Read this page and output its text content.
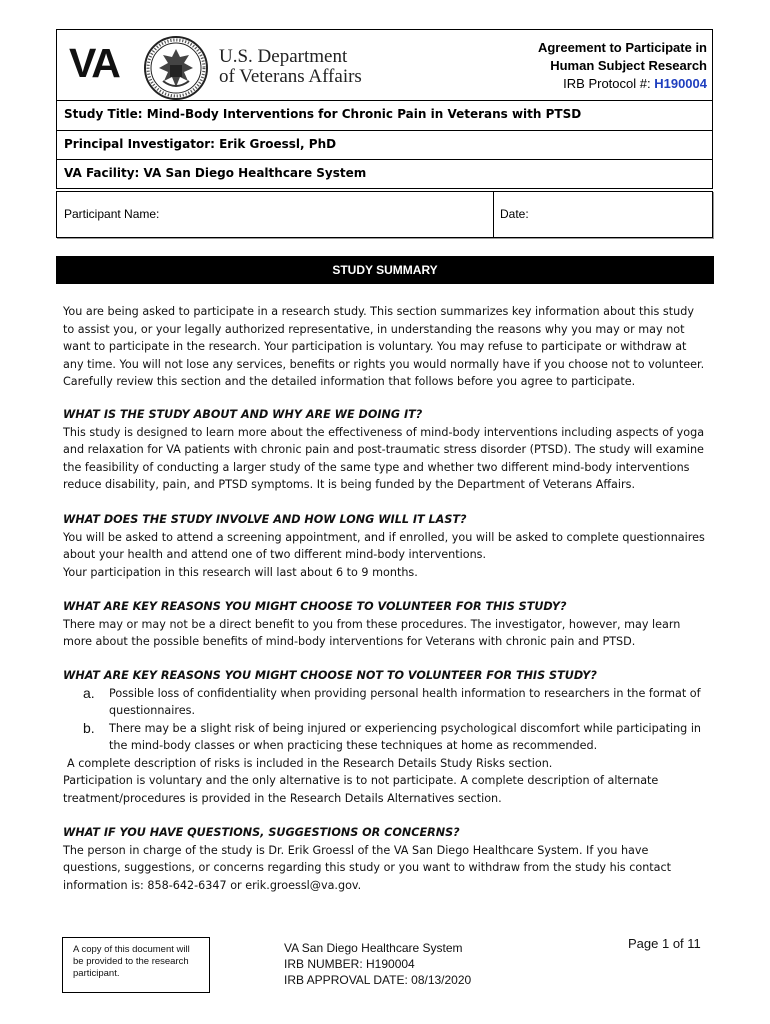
VA	U.S. Department
of Veterans Affairs
Agreement to Participate in
Human Subject Research
IRB Protocol #: H190004
Study Title: Mind-Body Interventions for Chronic Pain in Veterans with PTSD
Principal Investigator: Erik Groessl, PhD
VA Facility: VA San Diego Healthcare System
Participant Name:	Date:
STUDY SUMMARY

You are being asked to participate in a research study. This section summarizes key information about this study to assist you, or your legally authorized representative, in understanding the reasons why you may or may not want to participate in the research. Your participation is voluntary. You may refuse to participate or withdraw at any time. You will not lose any services, benefits or rights you would normally have if you choose not to volunteer. Carefully review this section and the detailed information that follows before you agree to participate.

WHAT IS THE STUDY ABOUT AND WHY ARE WE DOING IT?

This study is designed to learn more about the effectiveness of mind-body interventions including aspects of yoga and relaxation for VA patients with chronic pain and post-traumatic stress disorder (PTSD). The study will examine the feasibility of conducting a larger study of the same type and whether two different mind-body interventions reduce disability, pain, and PTSD symptoms. It is being funded by the Department of Veterans Affairs.

WHAT DOES THE STUDY INVOLVE AND HOW LONG WILL IT LAST?

You will be asked to attend a screening appointment, and if enrolled, you will be asked to complete questionnaires about your health and attend one of two different mind-body interventions.

Your participation in this research will last about 6 to 9 months.

WHAT ARE KEY REASONS YOU MIGHT CHOOSE TO VOLUNTEER FOR THIS STUDY?

There may or may not be a direct benefit to you from these procedures. The investigator, however, may learn more about the possible benefits of mind-body interventions for Veterans with chronic pain and PTSD.

WHAT ARE KEY REASONS YOU MIGHT CHOOSE NOT TO VOLUNTEER FOR THIS STUDY?

a. Possible loss of confidentiality when providing personal health information to researchers in the format of questionnaires.
b. There may be a slight risk of being injured or experiencing psychological discomfort while participating in the mind-body classes or when practicing these techniques at home as recommended.

A complete description of risks is included in the Research Details Study Risks section.

Participation is voluntary and the only alternative is to not participate. A complete description of alternate treatment/procedures is provided in the Research Details Alternatives section.

WHAT IF YOU HAVE QUESTIONS, SUGGESTIONS OR CONCERNS?

The person in charge of the study is Dr. Erik Groessl of the VA San Diego Healthcare System. If you have questions, suggestions, or concerns regarding this study or you want to withdraw from the study his contact information is: 858-642-6347 or erik.groessl@va.gov.

A copy of this document will be provided to the research participant.
VA San Diego Healthcare System
IRB NUMBER: H190004
IRB APPROVAL DATE: 08/13/2020
Page 1 of 11
